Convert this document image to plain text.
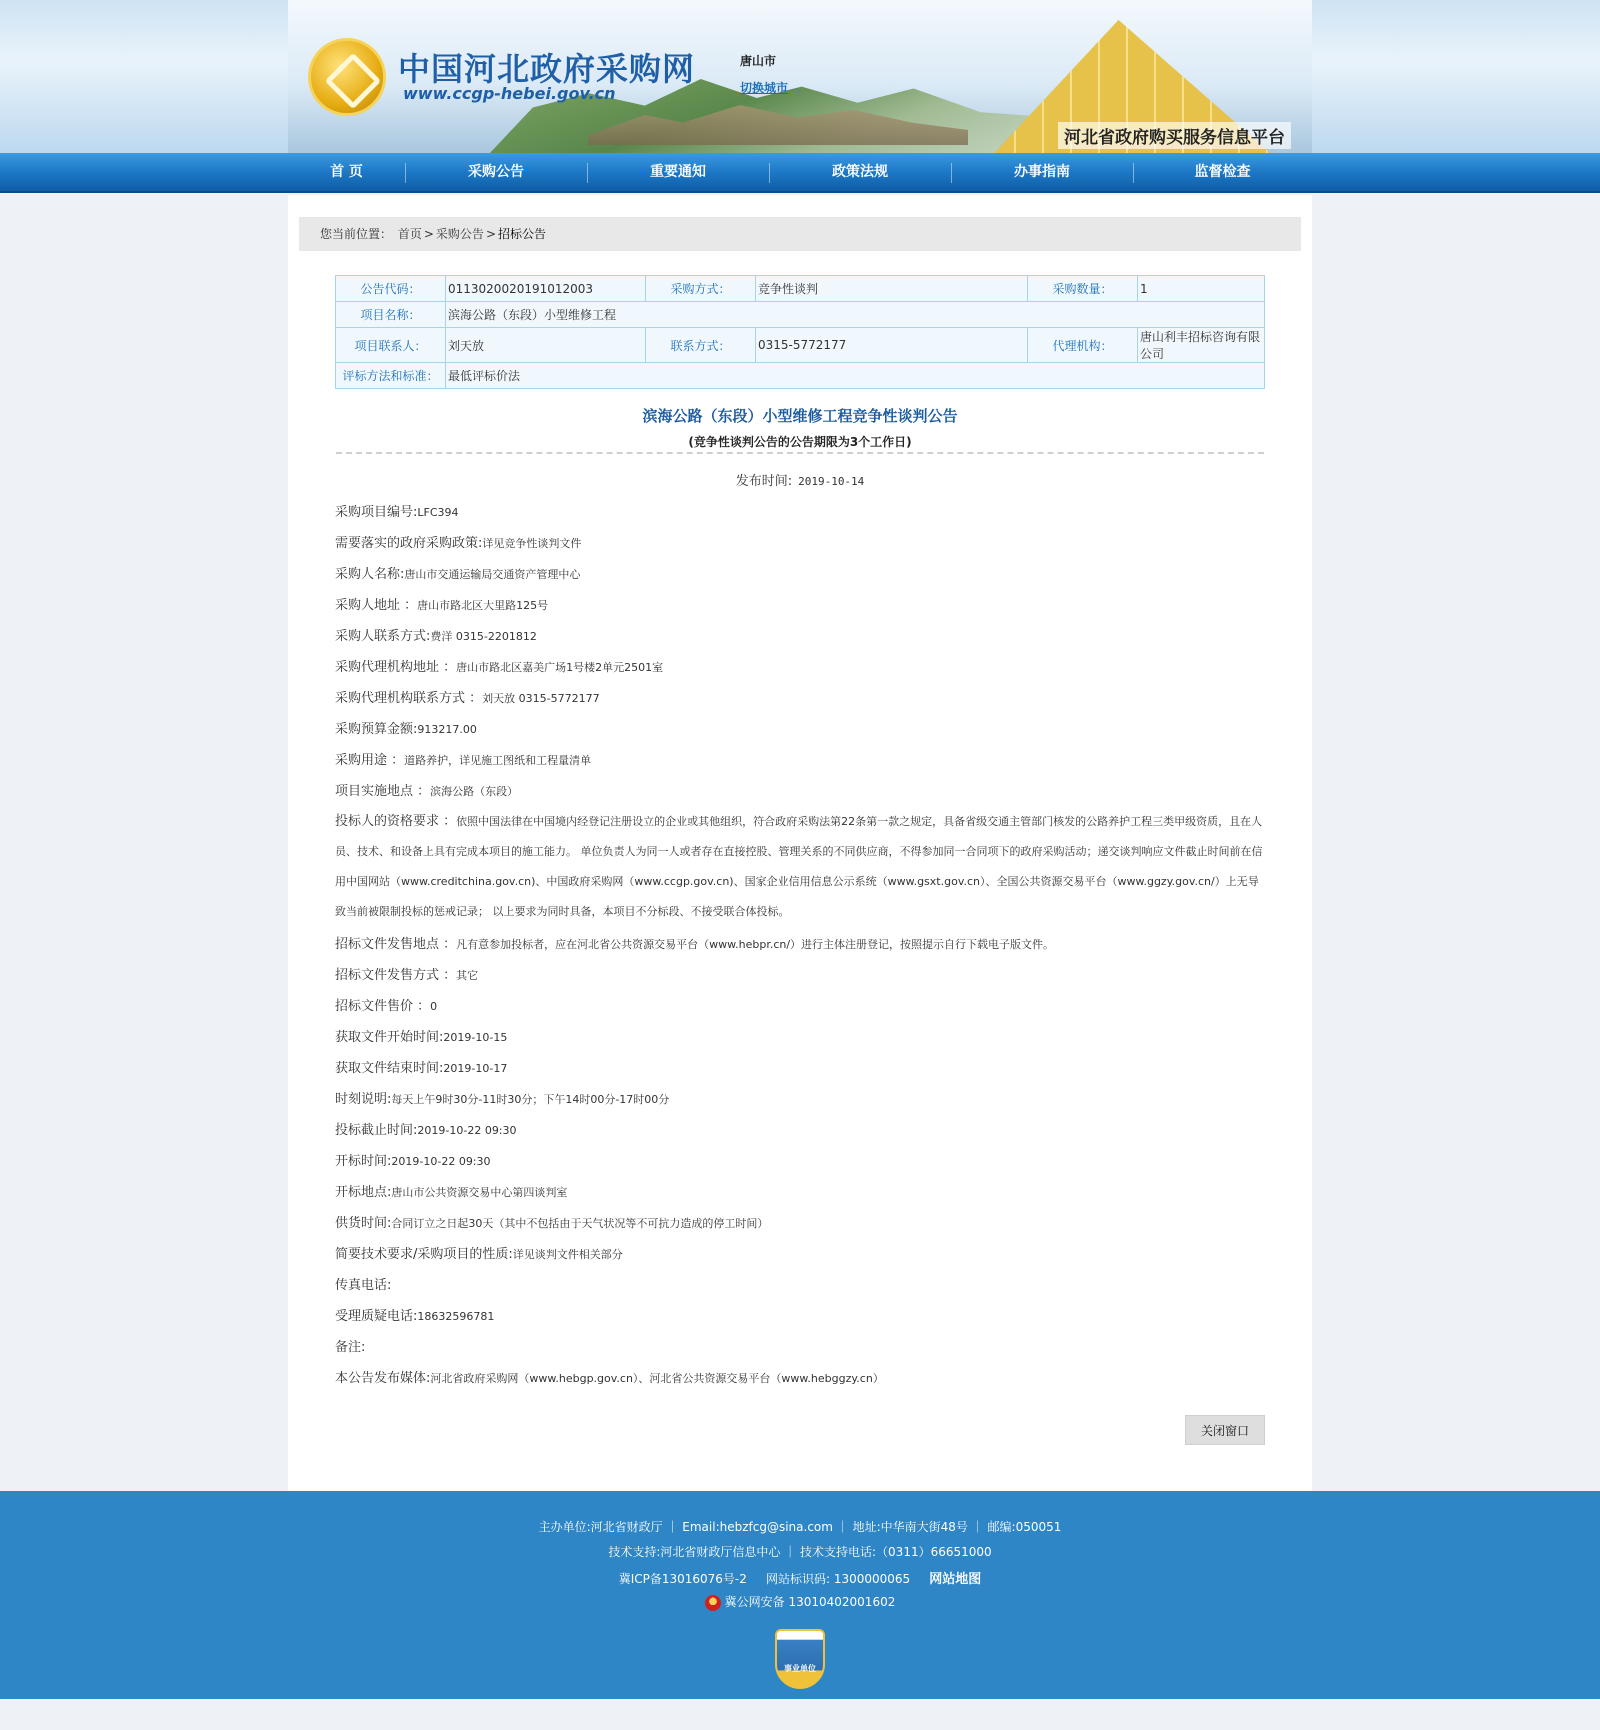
中国河北政府采购网
www.ccgp-hebei.gov.cn
唐山市
切换城市
河北省政府购买服务信息平台
首 页	采购公告	重要通知	政策法规	办事指南	监督检查
您当前位置： 首页 > 采购公告 > 招标公告
公告代码：	0113020020191012003	采购方式：	竞争性谈判	采购数量：	1
项目名称：	滨海公路（东段）小型维修工程				
项目联系人：	刘天放	联系方式：	0315-5772177	代理机构：	唐山利丰招标咨询有限公司
评标方法和标准：	最低评标价法				
滨海公路（东段）小型维修工程竞争性谈判公告
(竞争性谈判公告的公告期限为3个工作日)
发布时间: 2019-10-14
采购项目编号:LFC394
需要落实的政府采购政策:详见竞争性谈判文件
采购人名称:唐山市交通运输局交通资产管理中心
采购人地址 ：唐山市路北区大里路125号
采购人联系方式:费洋 0315-2201812
采购代理机构地址 ：唐山市路北区嘉美广场1号楼2单元2501室
采购代理机构联系方式 ：刘天放 0315-5772177
采购预算金额:913217.00
采购用途 ：道路养护，详见施工图纸和工程量清单
项目实施地点 ：滨海公路（东段）
投标人的资格要求 ：依照中国法律在中国境内经登记注册设立的企业或其他组织，符合政府采购法第22条第一款之规定，具备省级交通主管部门核发的公路养护工程三类甲级资质，且在人员、技术、和设备上具有完成本项目的施工能力。 单位负责人为同一人或者存在直接控股、管理关系的不同供应商，不得参加同一合同项下的政府采购活动；递交谈判响应文件截止时间前在信用中国网站（www.creditchina.gov.cn)、中国政府采购网（www.ccgp.gov.cn)、国家企业信用信息公示系统（www.gsxt.gov.cn）、全国公共资源交易平台（www.ggzy.gov.cn/）上无导致当前被限制投标的惩戒记录； 以上要求为同时具备，本项目不分标段、不接受联合体投标。
招标文件发售地点 ：凡有意参加投标者，应在河北省公共资源交易平台（www.hebpr.cn/）进行主体注册登记，按照提示自行下载电子版文件。
招标文件发售方式 ：其它
招标文件售价 ：0
获取文件开始时间:2019-10-15
获取文件结束时间:2019-10-17
时刻说明:每天上午9时30分-11时30分；下午14时00分-17时00分
投标截止时间:2019-10-22 09:30
开标时间:2019-10-22 09:30
开标地点:唐山市公共资源交易中心第四谈判室
供货时间:合同订立之日起30天（其中不包括由于天气状况等不可抗力造成的停工时间）
简要技术要求/采购项目的性质:详见谈判文件相关部分
传真电话:
受理质疑电话:18632596781
备注:
本公告发布媒体:河北省政府采购网（www.hebgp.gov.cn）、河北省公共资源交易平台（www.hebggzy.cn）
关闭窗口
主办单位:河北省财政厅 ｜ Email:hebzfcg@sina.com ｜ 地址:中华南大街48号 ｜ 邮编:050051
技术支持:河北省财政厅信息中心 ｜ 技术支持电话:（0311）66651000
冀ICP备13016076号-2 网站标识码: 1300000065 网站地图
冀公网安备 13010402001602
事业单位
